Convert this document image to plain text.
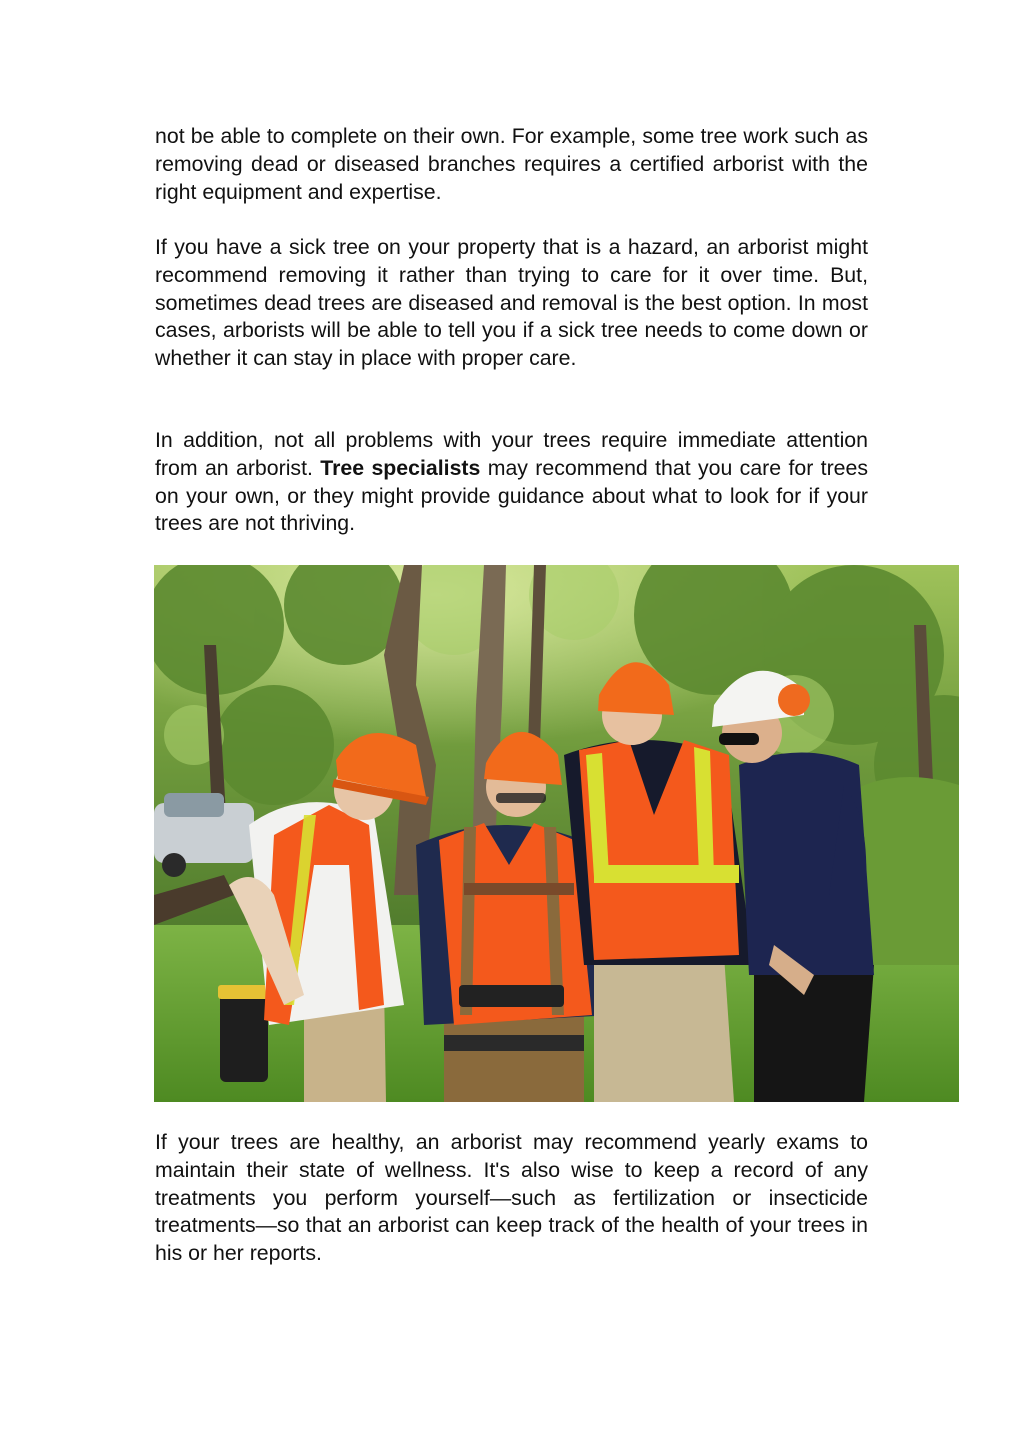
not be able to complete on their own. For example, some tree work such as removing dead or diseased branches requires a certified arborist with the right equipment and expertise.

If you have a sick tree on your property that is a hazard, an arborist might recommend removing it rather than trying to care for it over time. But, sometimes dead trees are diseased and removal is the best option. In most cases, arborists will be able to tell you if a sick tree needs to come down or whether it can stay in place with proper care.

In addition, not all problems with your trees require immediate attention from an arborist. Tree specialists may recommend that you care for trees on your own, or they might provide guidance about what to look for if your trees are not thriving.

If your trees are healthy, an arborist may recommend yearly exams to maintain their state of wellness. It's also wise to keep a record of any treatments you perform yourself—such as fertilization or insecticide treatments—so that an arborist can keep track of the health of your trees in his or her reports.
